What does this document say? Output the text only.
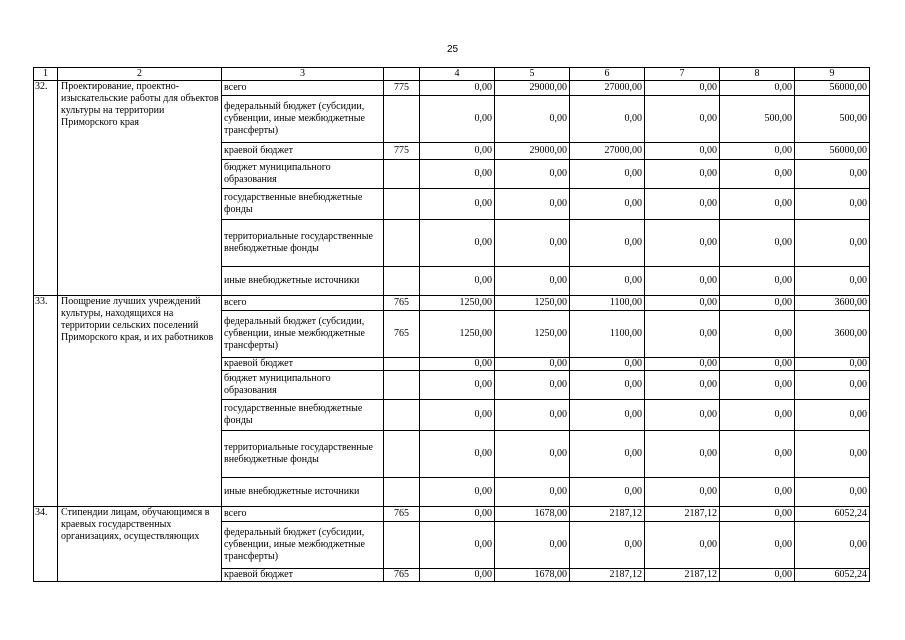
25
1	2	3		4	5	6	7	8	9
32.	Проектирование, проектно-изыскательские работы для объектов культуры на территории Приморского края	всего	775	0,00	29000,00	27000,00	0,00	0,00	56000,00
		федеральный бюджет (субсидии, субвенции, иные межбюджетные трансферты)		0,00	0,00	0,00	0,00	500,00	500,00
		краевой бюджет	775	0,00	29000,00	27000,00	0,00	0,00	56000,00
		бюджет муниципального образования		0,00	0,00	0,00	0,00	0,00	0,00
		государственные внебюджетные фонды		0,00	0,00	0,00	0,00	0,00	0,00
		территориальные государственные внебюджетные фонды		0,00	0,00	0,00	0,00	0,00	0,00
		иные внебюджетные источники		0,00	0,00	0,00	0,00	0,00	0,00
33.	Поощрение лучших учреждений культуры, находящихся на территории сельских поселений Приморского края, и их работников	всего	765	1250,00	1250,00	1100,00	0,00	0,00	3600,00
		федеральный бюджет (субсидии, субвенции, иные межбюджетные трансферты)	765	1250,00	1250,00	1100,00	0,00	0,00	3600,00
		краевой бюджет		0,00	0,00	0,00	0,00	0,00	0,00
		бюджет муниципального образования		0,00	0,00	0,00	0,00	0,00	0,00
		государственные внебюджетные фонды		0,00	0,00	0,00	0,00	0,00	0,00
		территориальные государственные внебюджетные фонды		0,00	0,00	0,00	0,00	0,00	0,00
		иные внебюджетные источники		0,00	0,00	0,00	0,00	0,00	0,00
34.	Стипендии лицам, обучающимся в краевых государственных организациях, осуществляющих	всего	765	0,00	1678,00	2187,12	2187,12	0,00	6052,24
		федеральный бюджет (субсидии, субвенции, иные межбюджетные трансферты)		0,00	0,00	0,00	0,00	0,00	0,00
		краевой бюджет	765	0,00	1678,00	2187,12	2187,12	0,00	6052,24
